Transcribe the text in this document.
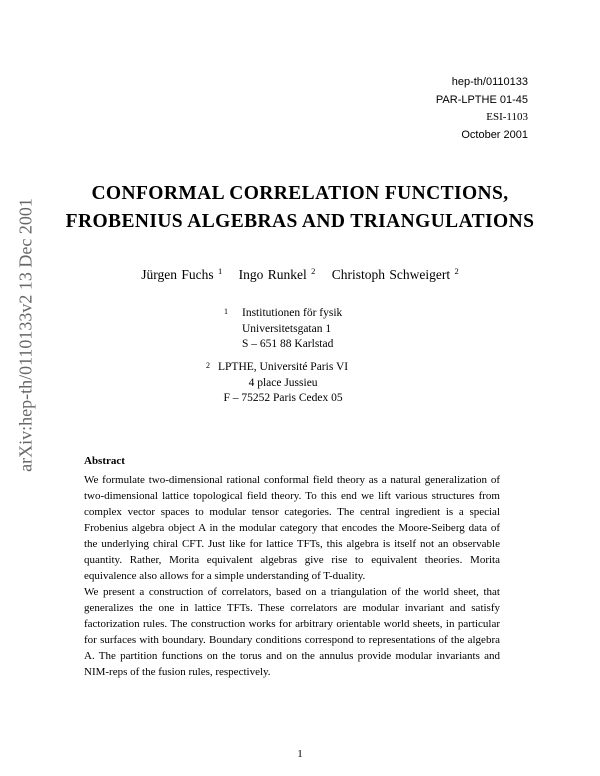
arXiv:hep-th/0110133v2 13 Dec 2001
hep-th/0110133
PAR-LPTHE 01-45
ESI-1103
October 2001
CONFORMAL CORRELATION FUNCTIONS,
FROBENIUS ALGEBRAS AND TRIANGULATIONS
Jürgen Fuchs $^1$ Ingo Runkel $^2$ Christoph Schweigert $^2$
1 Institutionen för fysik
Universitetsgatan 1
S – 651 88 Karlstad
2 LPTHE, Université Paris VI
4 place Jussieu
F – 75252 Paris Cedex 05
Abstract

We formulate two-dimensional rational conformal field theory as a natural generalization of two-dimensional lattice topological field theory. To this end we lift various structures from complex vector spaces to modular tensor categories. The central ingredient is a special Frobenius algebra object A in the modular category that encodes the Moore-Seiberg data of the underlying chiral CFT. Just like for lattice TFTs, this algebra is itself not an observable quantity. Rather, Morita equivalent algebras give rise to equivalent theories. Morita equivalence also allows for a simple understanding of T-duality.

We present a construction of correlators, based on a triangulation of the world sheet, that generalizes the one in lattice TFTs. These correlators are modular invariant and satisfy factorization rules. The construction works for arbitrary orientable world sheets, in particular for surfaces with boundary. Boundary conditions correspond to representations of the algebra A. The partition functions on the torus and on the annulus provide modular invariants and NIM-reps of the fusion rules, respectively.

1
